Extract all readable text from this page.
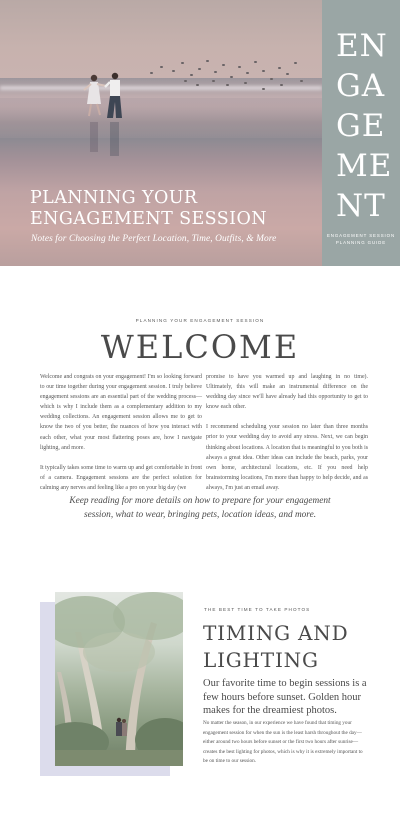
PLANNING YOUR
ENGAGEMENT SESSION
Notes for Choosing the Perfect Location, Time, Outfits, & More
EN
GA
GE
ME
NT
ENGAGEMENT SESSION
PLANNING GUIDE
PLANNING YOUR ENGAGEMENT SESSION
WELCOME

Welcome and congrats on your engagement! I'm so looking forward to our time together during your engagement session. I truly believe engagement sessions are an essential part of the wedding process—which is why I include them as a complementary addition to my wedding collections. An engagement session allows me to get to know the two of you better, the nuances of how you interact with each other, what your most flattering poses are, how I navigate lighting, and more.

It typically takes some time to warm up and get comfortable in front of a camera. Engagement sessions are the perfect solution for calming any nerves and feeling like a pro on your big day (we

promise to have you warmed up and laughing in no time). Ultimately, this will make an instrumental difference on the wedding day since we'll have already had this opportunity to get to know each other.

I recommend scheduling your session no later than three months prior to your wedding day to avoid any stress. Next, we can begin thinking about locations. A location that is meaningful to you both is always a great idea. Other ideas can include the beach, parks, your own home, architectural locations, etc. If you need help brainstorming locations, I'm more than happy to help decide, and as always, I'm just an email away.

Keep reading for more details on how to prepare for your engagement session, what to wear, bringing pets, location ideas, and more.
THE BEST TIME TO TAKE PHOTOS
TIMING AND
LIGHTING
Our favorite time to begin sessions is a few hours before sunset. Golden hour makes for the dreamiest photos.
No matter the season, in our experience we have found that timing your engagement session for when the sun is the least harsh throughout the day—either around two hours before sunset or the first two hours after sunrise—creates the best lighting for photos, which is why it is extremely important to be on time to our session.
